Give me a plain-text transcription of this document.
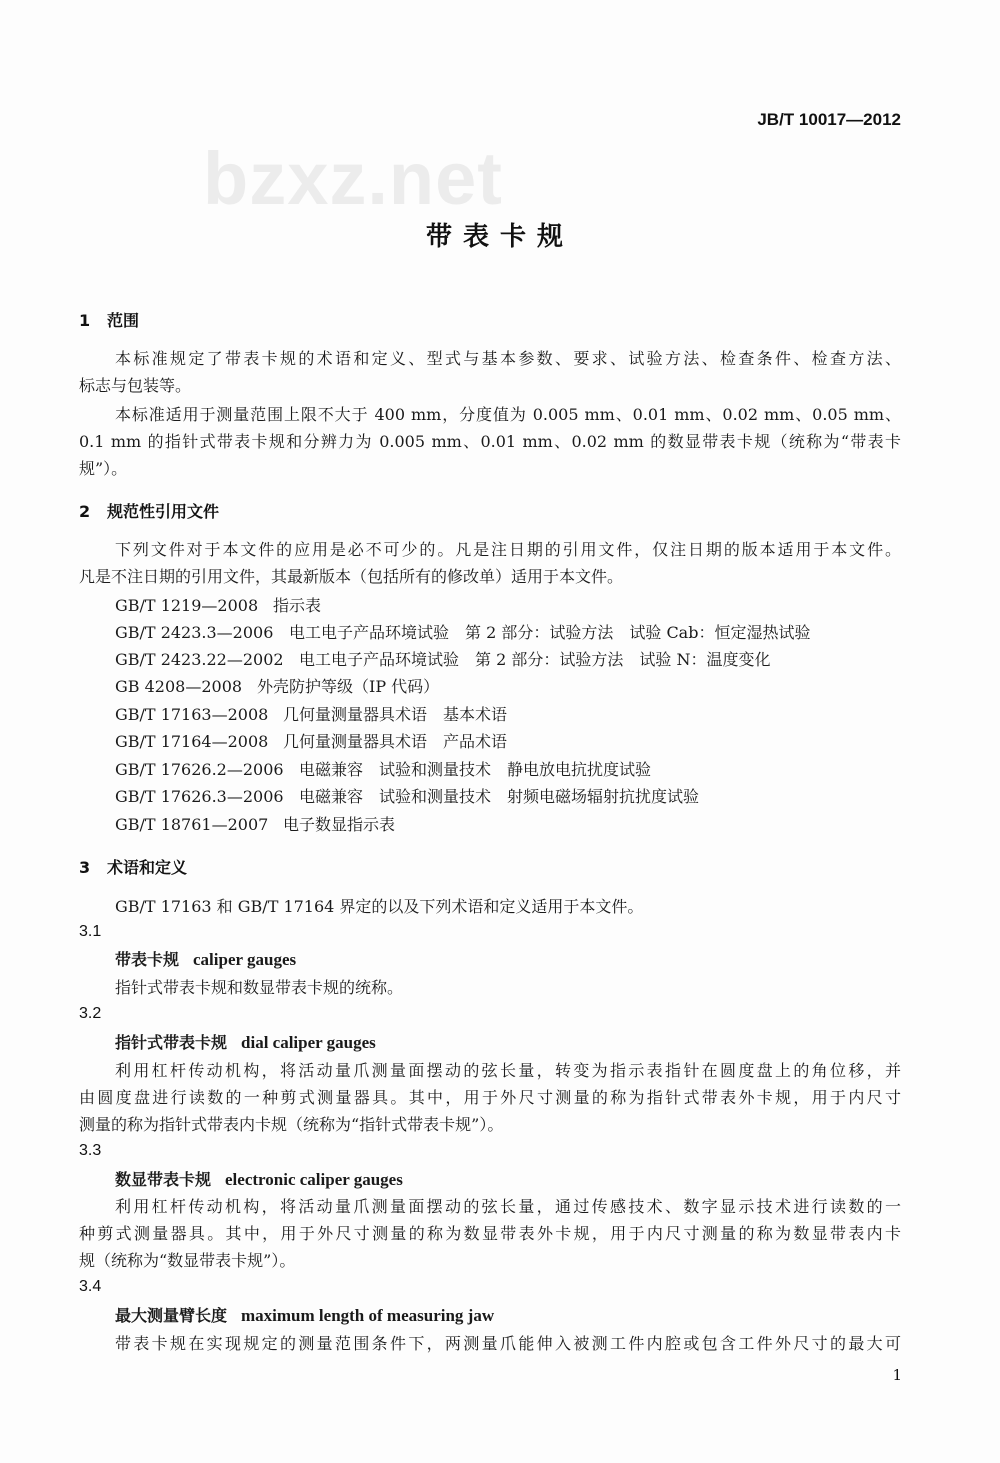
JB/T 10017—2012
bzxz.net
带表卡规
1 范围
本标准规定了带表卡规的术语和定义、型式与基本参数、要求、试验方法、检查条件、检查方法、
标志与包装等。
本标准适用于测量范围上限不大于 400 mm，分度值为 0.005 mm、0.01 mm、0.02 mm、0.05 mm、
0.1 mm 的指针式带表卡规和分辨力为 0.005 mm、0.01 mm、0.02 mm 的数显带表卡规（统称为“带表卡
规”）。
2 规范性引用文件
下列文件对于本文件的应用是必不可少的。凡是注日期的引用文件，仅注日期的版本适用于本文件。
凡是不注日期的引用文件，其最新版本（包括所有的修改单）适用于本文件。
GB/T 1219—2008 指示表
GB/T 2423.3—2006 电工电子产品环境试验　第 2 部分：试验方法　试验 Cab：恒定湿热试验
GB/T 2423.22—2002 电工电子产品环境试验　第 2 部分：试验方法　试验 N：温度变化
GB 4208—2008 外壳防护等级（IP 代码）
GB/T 17163—2008 几何量测量器具术语　基本术语
GB/T 17164—2008 几何量测量器具术语　产品术语
GB/T 17626.2—2006 电磁兼容　试验和测量技术　静电放电抗扰度试验
GB/T 17626.3—2006 电磁兼容　试验和测量技术　射频电磁场辐射抗扰度试验
GB/T 18761—2007 电子数显指示表
3 术语和定义
GB/T 17163 和 GB/T 17164 界定的以及下列术语和定义适用于本文件。
3.1
带表卡规 caliper gauges
指针式带表卡规和数显带表卡规的统称。
3.2
指针式带表卡规 dial caliper gauges
利用杠杆传动机构，将活动量爪测量面摆动的弦长量，转变为指示表指针在圆度盘上的角位移，并
由圆度盘进行读数的一种剪式测量器具。其中，用于外尺寸测量的称为指针式带表外卡规，用于内尺寸
测量的称为指针式带表内卡规（统称为“指针式带表卡规”）。
3.3
数显带表卡规 electronic caliper gauges
利用杠杆传动机构，将活动量爪测量面摆动的弦长量，通过传感技术、数字显示技术进行读数的一
种剪式测量器具。其中，用于外尺寸测量的称为数显带表外卡规，用于内尺寸测量的称为数显带表内卡
规（统称为“数显带表卡规”）。
3.4
最大测量臂长度 maximum length of measuring jaw
带表卡规在实现规定的测量范围条件下，两测量爪能伸入被测工件内腔或包含工件外尺寸的最大可
1
